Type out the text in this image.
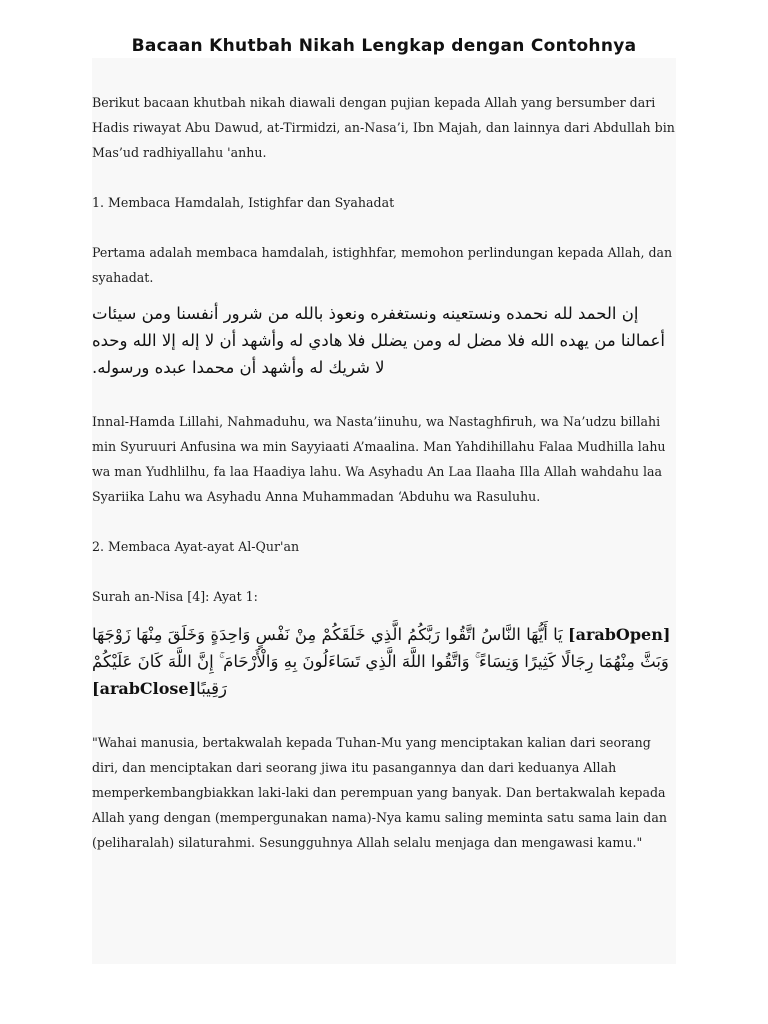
Bacaan Khutbah Nikah Lengkap dengan Contohnya

Berikut bacaan khutbah nikah diawali dengan pujian kepada Allah yang bersumber dari Hadis riwayat Abu Dawud, at-Tirmidzi, an-Nasa’i, Ibn Majah, dan lainnya dari Abdullah bin Mas’ud radhiyallahu 'anhu.

1. Membaca Hamdalah, Istighfar dan Syahadat

Pertama adalah membaca hamdalah, istighhfar, memohon perlindungan kepada Allah, dan syahadat.

إن الحمد لله نحمده ونستعينه ونستغفره ونعوذ بالله من شرور أنفسنا ومن سيئات أعمالنا من يهده الله فلا مضل له ومن يضلل فلا هادي له وأشهد أن لا إله إلا الله وحده لا شريك له وأشهد أن محمدا عبده ورسوله.

Innal-Hamda Lillahi, Nahmaduhu, wa Nasta’iinuhu, wa Nastaghfiruh, wa Na’udzu billahi min Syuruuri Anfusina wa min Sayyiaati A’maalina. Man Yahdihillahu Falaa Mudhilla lahu wa man Yudhlilhu, fa laa Haadiya lahu. Wa Asyhadu An Laa Ilaaha Illa Allah wahdahu laa Syariika Lahu wa Asyhadu Anna Muhammadan ‘Abduhu wa Rasuluhu.

2. Membaca Ayat-ayat Al-Qur'an

Surah an-Nisa [4]: Ayat 1:

[arabOpen] يَا أَيُّهَا النَّاسُ اتَّقُوا رَبَّكُمُ الَّذِي خَلَقَكُمْ مِنْ نَفْسٍ وَاحِدَةٍ وَخَلَقَ مِنْهَا زَوْجَهَا وَبَثَّ مِنْهُمَا رِجَالًا كَثِيرًا وَنِسَاءً ۚ وَاتَّقُوا اللَّهَ الَّذِي تَسَاءَلُونَ بِهِ وَالْأَرْحَامَ ۚ إِنَّ اللَّهَ كَانَ عَلَيْكُمْ رَقِيبًا[arabClose]

"Wahai manusia, bertakwalah kepada Tuhan-Mu yang menciptakan kalian dari seorang diri, dan menciptakan dari seorang jiwa itu pasangannya dan dari keduanya Allah memperkembangbiakkan laki-laki dan perempuan yang banyak. Dan bertakwalah kepada Allah yang dengan (mempergunakan nama)-Nya kamu saling meminta satu sama lain dan (peliharalah) silaturahmi. Sesungguhnya Allah selalu menjaga dan mengawasi kamu."
